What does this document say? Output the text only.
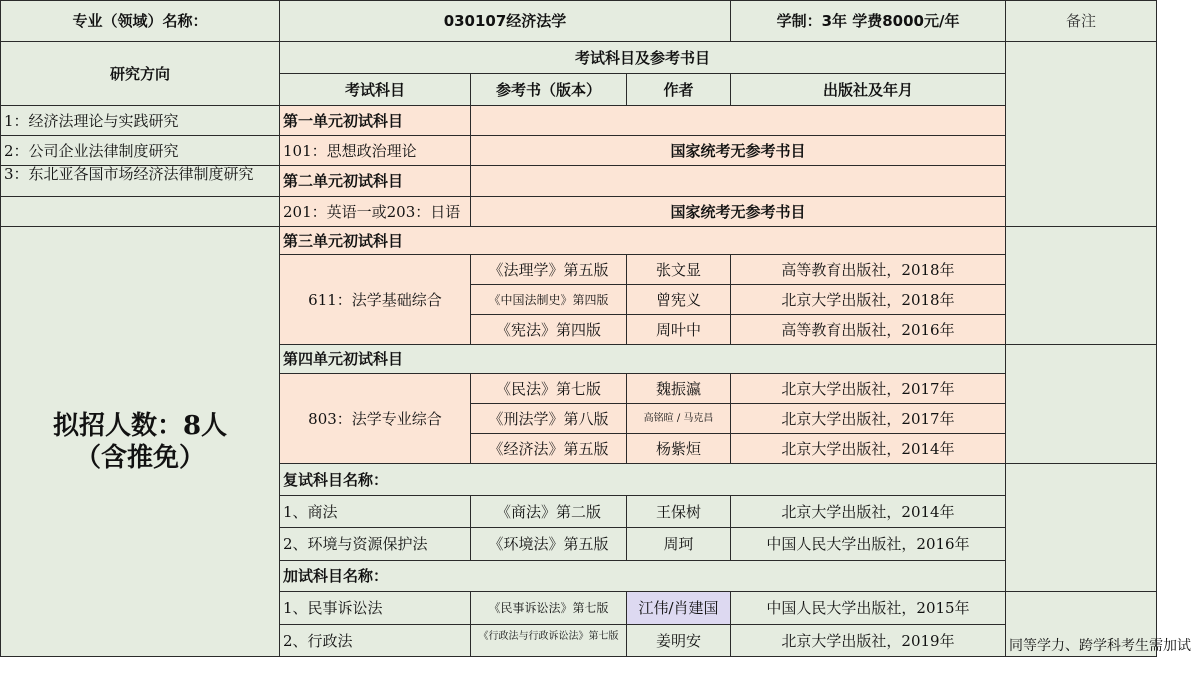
专业（领域）名称：	030107经济法学			学制：3年 学费8000元/年	备注
研究方向	考试科目及参考书目				
	考试科目	参考书（版本）	作者	出版社及年月	
1：经济法理论与实践研究	第一单元初试科目				
2：公司企业法律制度研究	101：思想政治理论	国家统考无参考书目			

3：东北亚各国市场经济法律制度研究	第二单元初试科目				
	201：英语一或203：日语	国家统考无参考书目			

拟招人数：8人
（含推免）	第三单元初试科目				
	611：法学基础综合	《法理学》第五版	张文显	高等教育出版社，2018年	
		《中国法制史》第四版	曾宪义	北京大学出版社，2018年	
		《宪法》第四版	周叶中	高等教育出版社，2016年	
	第四单元初试科目				
	803：法学专业综合	《民法》第七版	魏振瀛	北京大学出版社，2017年	
		《刑法学》第八版	高铭暄 / 马克昌	北京大学出版社，2017年	
		《经济法》第五版	杨紫烜	北京大学出版社，2014年	
	复试科目名称：				
	1、商法	《商法》第二版	王保树	北京大学出版社，2014年	
	2、环境与资源保护法	《环境法》第五版	周珂	中国人民大学出版社，2016年	
	加试科目名称：				
	1、民事诉讼法	《民事诉讼法》第七版	江伟/肖建国	中国人民大学出版社，2015年	同等学力、跨学科考生需加试
	2、行政法	《行政法与行政诉讼法》第七版	姜明安	北京大学出版社，2019年	
